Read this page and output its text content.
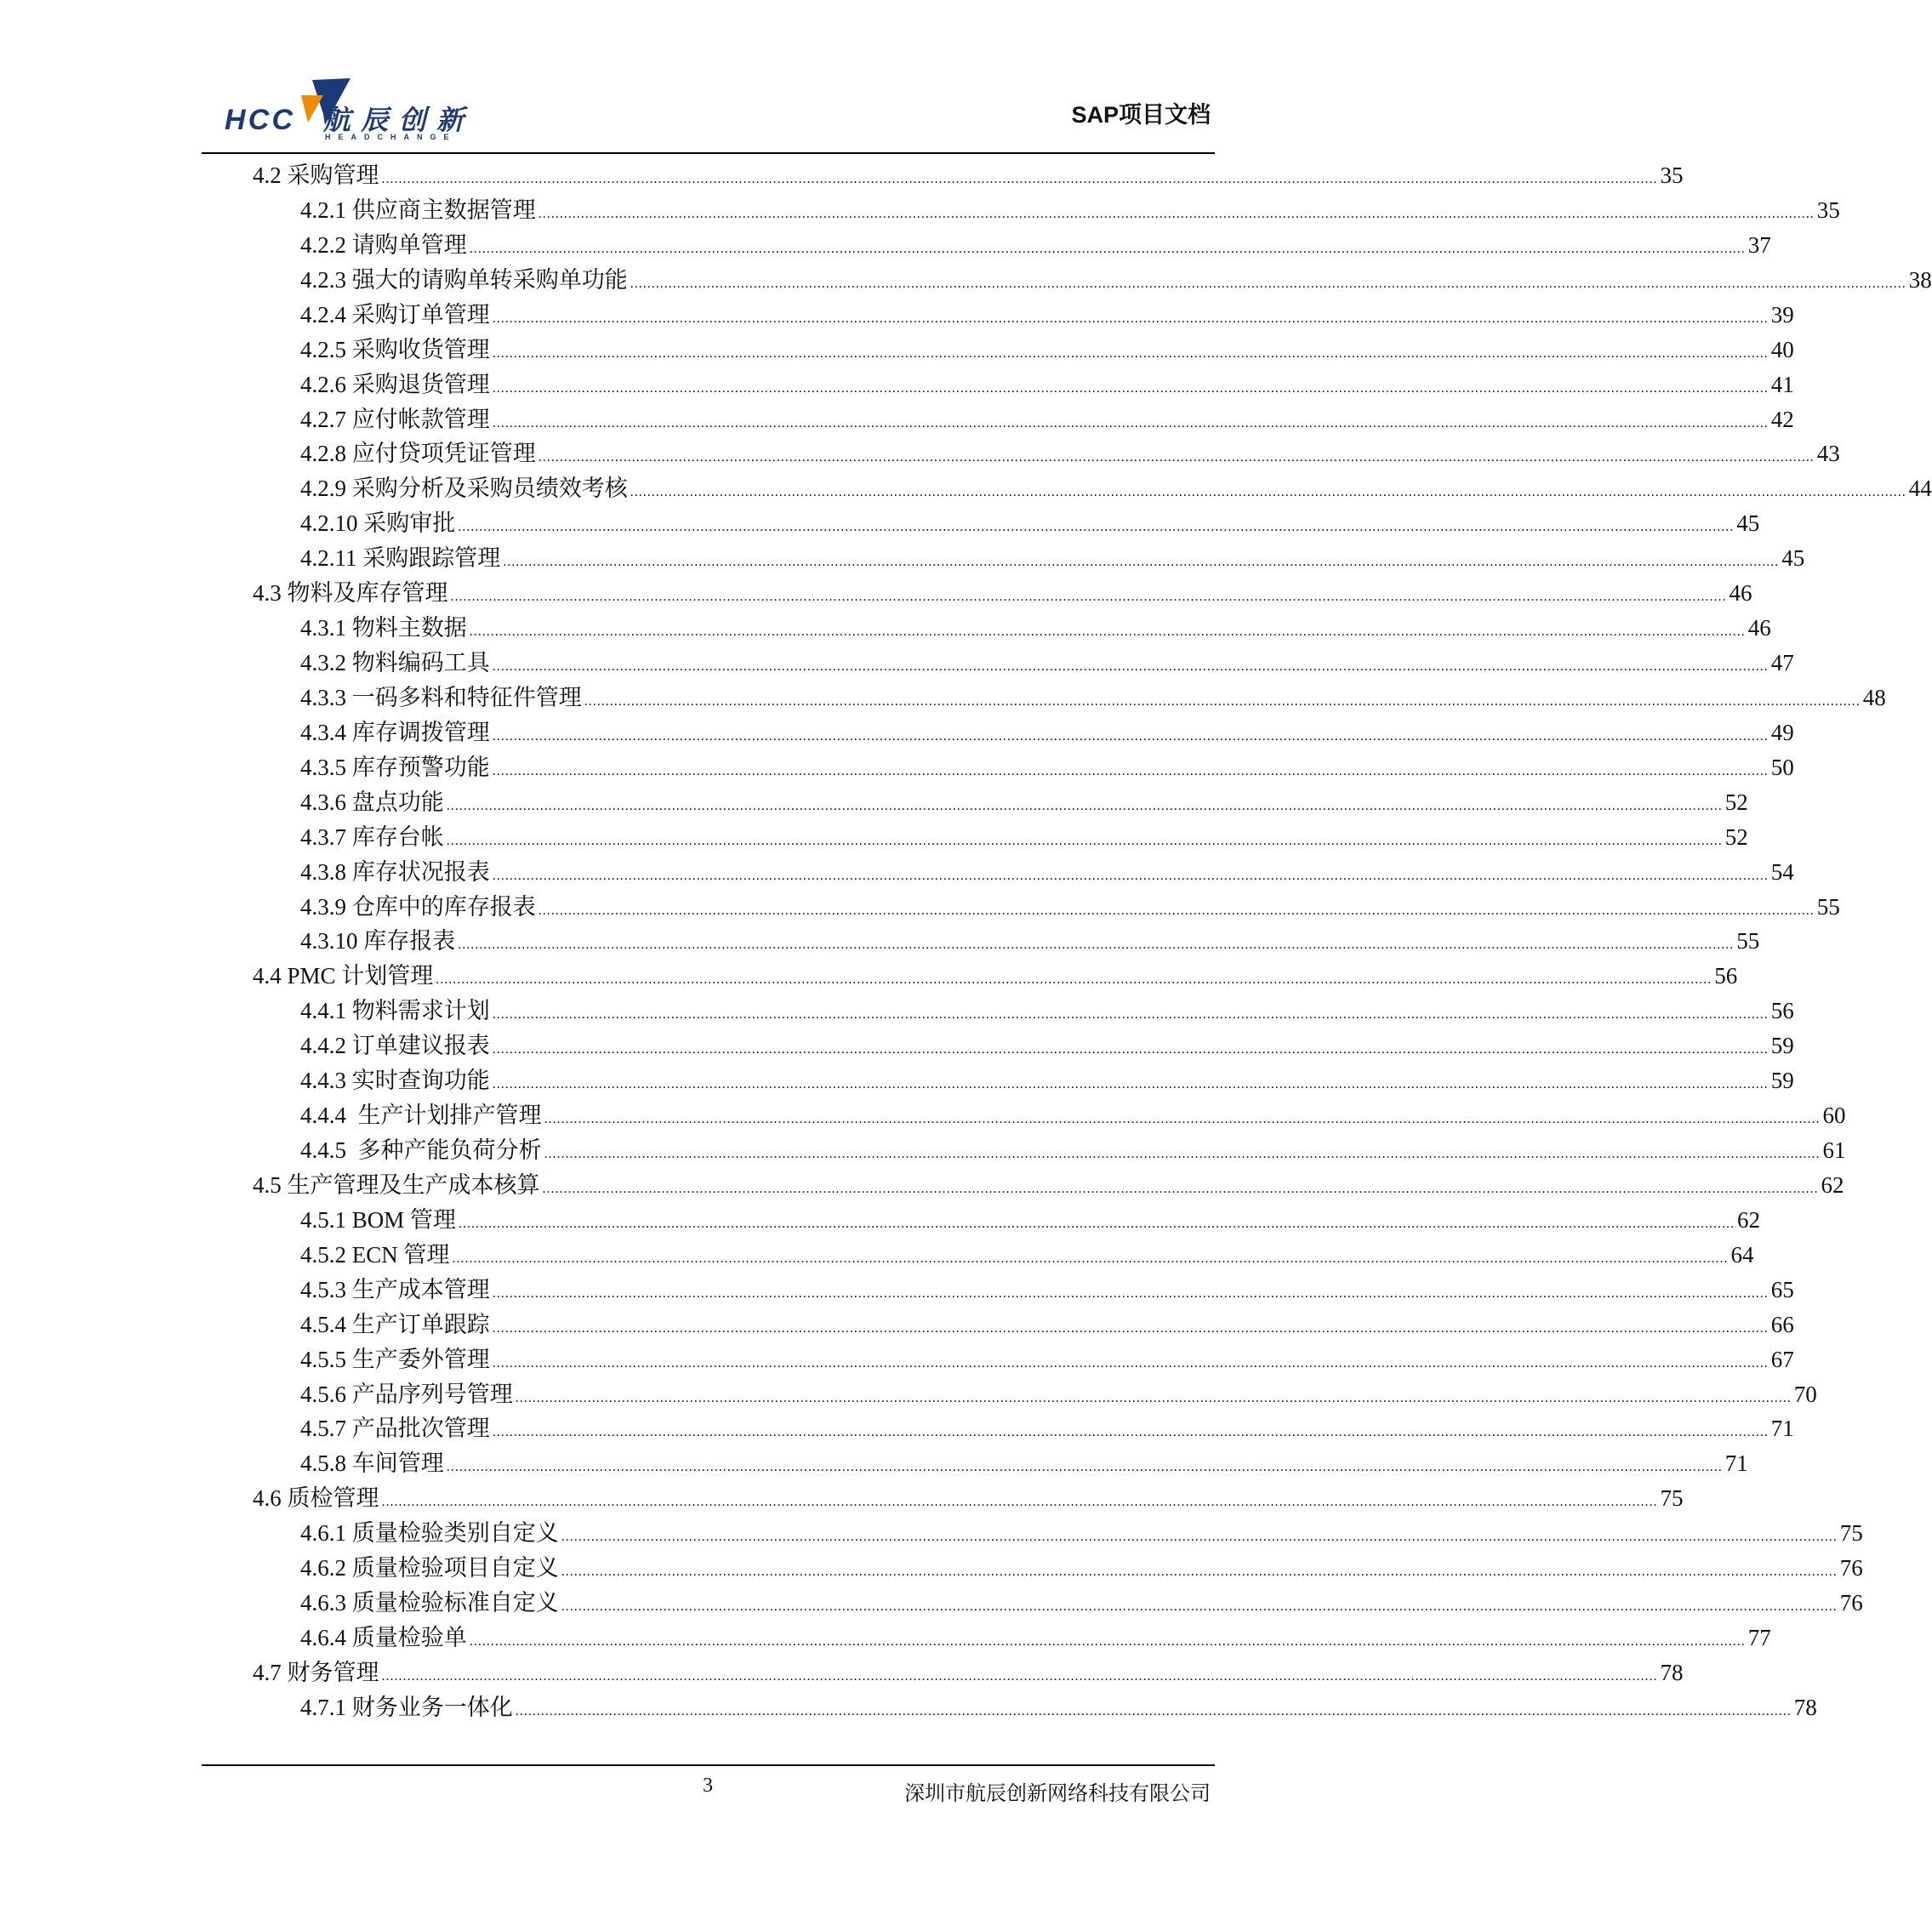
HCC 航辰创新
HEADCHANGE
SAP项目文档
4.2 采购管理 ............................................................................................................................................................................................................................................................................................................ 35
4.2.1 供应商主数据管理 ............................................................................................................................................................................................................................................................................................................ 35
4.2.2 请购单管理 ............................................................................................................................................................................................................................................................................................................ 37
4.2.3 强大的请购单转采购单功能 ............................................................................................................................................................................................................................................................................................................ 38
4.2.4 采购订单管理 ............................................................................................................................................................................................................................................................................................................ 39
4.2.5 采购收货管理 ............................................................................................................................................................................................................................................................................................................ 40
4.2.6 采购退货管理 ............................................................................................................................................................................................................................................................................................................ 41
4.2.7 应付帐款管理 ............................................................................................................................................................................................................................................................................................................ 42
4.2.8 应付贷项凭证管理 ............................................................................................................................................................................................................................................................................................................ 43
4.2.9 采购分析及采购员绩效考核 ............................................................................................................................................................................................................................................................................................................ 44
4.2.10 采购审批 ............................................................................................................................................................................................................................................................................................................ 45
4.2.11 采购跟踪管理 ............................................................................................................................................................................................................................................................................................................ 45
4.3 物料及库存管理 ............................................................................................................................................................................................................................................................................................................ 46
4.3.1 物料主数据 ............................................................................................................................................................................................................................................................................................................ 46
4.3.2 物料编码工具 ............................................................................................................................................................................................................................................................................................................ 47
4.3.3 一码多料和特征件管理 ............................................................................................................................................................................................................................................................................................................ 48
4.3.4 库存调拨管理 ............................................................................................................................................................................................................................................................................................................ 49
4.3.5 库存预警功能 ............................................................................................................................................................................................................................................................................................................ 50
4.3.6 盘点功能 ............................................................................................................................................................................................................................................................................................................ 52
4.3.7 库存台帐 ............................................................................................................................................................................................................................................................................................................ 52
4.3.8 库存状况报表 ............................................................................................................................................................................................................................................................................................................ 54
4.3.9 仓库中的库存报表 ............................................................................................................................................................................................................................................................................................................ 55
4.3.10 库存报表 ............................................................................................................................................................................................................................................................................................................ 55
4.4 PMC 计划管理 ............................................................................................................................................................................................................................................................................................................ 56
4.4.1 物料需求计划 ............................................................................................................................................................................................................................................................................................................ 56
4.4.2 订单建议报表 ............................................................................................................................................................................................................................................................................................................ 59
4.4.3 实时查询功能 ............................................................................................................................................................................................................................................................................................................ 59
4.4.4  生产计划排产管理 ............................................................................................................................................................................................................................................................................................................ 60
4.4.5  多种产能负荷分析 ............................................................................................................................................................................................................................................................................................................ 61
4.5 生产管理及生产成本核算 ............................................................................................................................................................................................................................................................................................................ 62
4.5.1 BOM 管理 ............................................................................................................................................................................................................................................................................................................ 62
4.5.2 ECN 管理 ............................................................................................................................................................................................................................................................................................................ 64
4.5.3 生产成本管理 ............................................................................................................................................................................................................................................................................................................ 65
4.5.4 生产订单跟踪 ............................................................................................................................................................................................................................................................................................................ 66
4.5.5 生产委外管理 ............................................................................................................................................................................................................................................................................................................ 67
4.5.6 产品序列号管理 ............................................................................................................................................................................................................................................................................................................ 70
4.5.7 产品批次管理 ............................................................................................................................................................................................................................................................................................................ 71
4.5.8 车间管理 ............................................................................................................................................................................................................................................................................................................ 71
4.6 质检管理 ............................................................................................................................................................................................................................................................................................................ 75
4.6.1 质量检验类别自定义 ............................................................................................................................................................................................................................................................................................................ 75
4.6.2 质量检验项目自定义 ............................................................................................................................................................................................................................................................................................................ 76
4.6.3 质量检验标准自定义 ............................................................................................................................................................................................................................................................................................................ 76
4.6.4 质量检验单 ............................................................................................................................................................................................................................................................................................................ 77
4.7 财务管理 ............................................................................................................................................................................................................................................................................................................ 78
4.7.1 财务业务一体化 ............................................................................................................................................................................................................................................................................................................ 78
3	深圳市航辰创新网络科技有限公司
